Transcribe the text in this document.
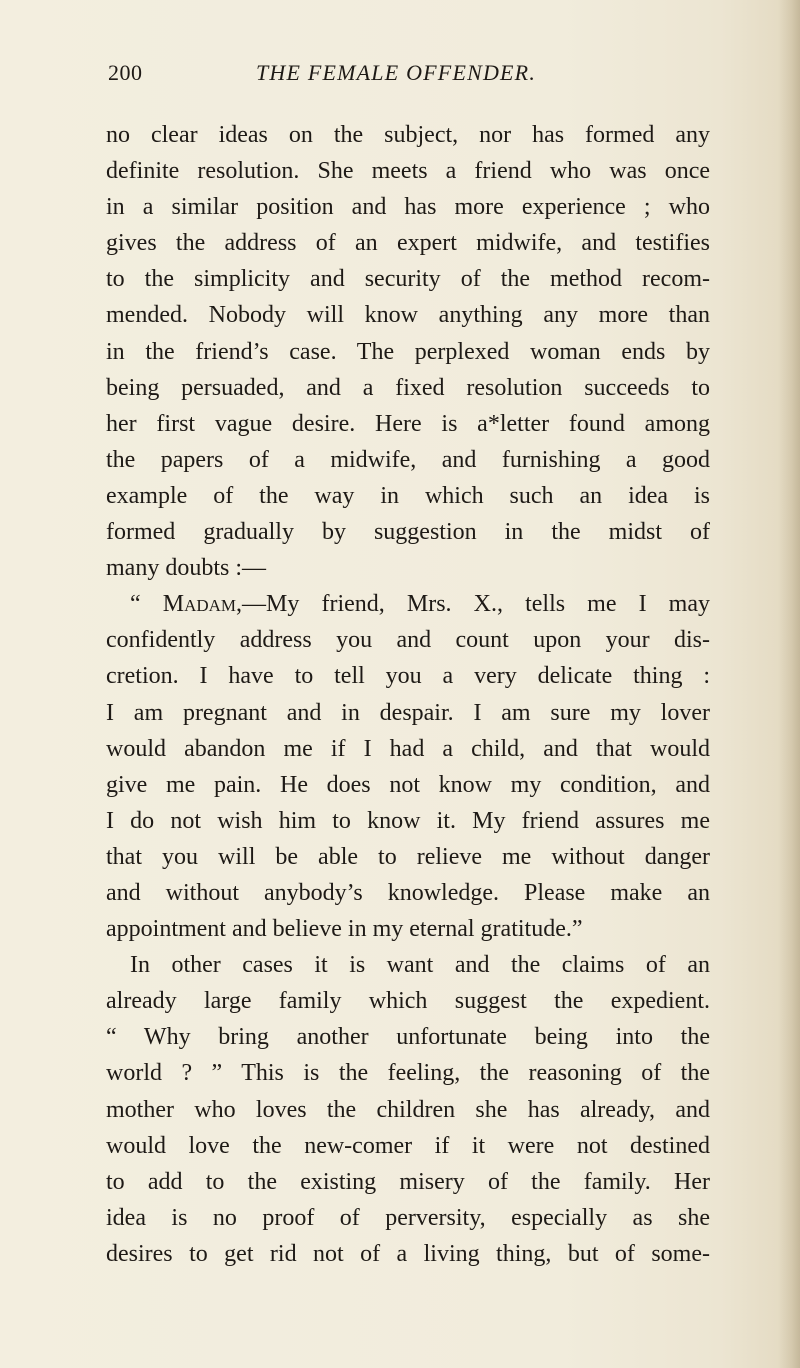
200	THE FEMALE OFFENDER.

no clear ideas on the subject, nor has formed any

definite resolution. She meets a friend who was once

in a similar position and has more experience ; who

gives the address of an expert midwife, and testifies

to the simplicity and security of the method recom-

mended. Nobody will know anything any more than

in the friend’s case. The perplexed woman ends by

being persuaded, and a fixed resolution succeeds to

her first vague desire. Here is a*letter found among

the papers of a midwife, and furnishing a good

example of the way in which such an idea is

formed gradually by suggestion in the midst of

many doubts :—

“ Madam,—My friend, Mrs. X., tells me I may

confidently address you and count upon your dis-

cretion. I have to tell you a very delicate thing :

I am pregnant and in despair. I am sure my lover

would abandon me if I had a child, and that would

give me pain. He does not know my condition, and

I do not wish him to know it. My friend assures me

that you will be able to relieve me without danger

and without anybody’s knowledge. Please make an

appointment and believe in my eternal gratitude.”

In other cases it is want and the claims of an

already large family which suggest the expedient.

“ Why bring another unfortunate being into the

world ? ” This is the feeling, the reasoning of the

mother who loves the children she has already, and

would love the new-comer if it were not destined

to add to the existing misery of the family. Her

idea is no proof of perversity, especially as she

desires to get rid not of a living thing, but of some-
